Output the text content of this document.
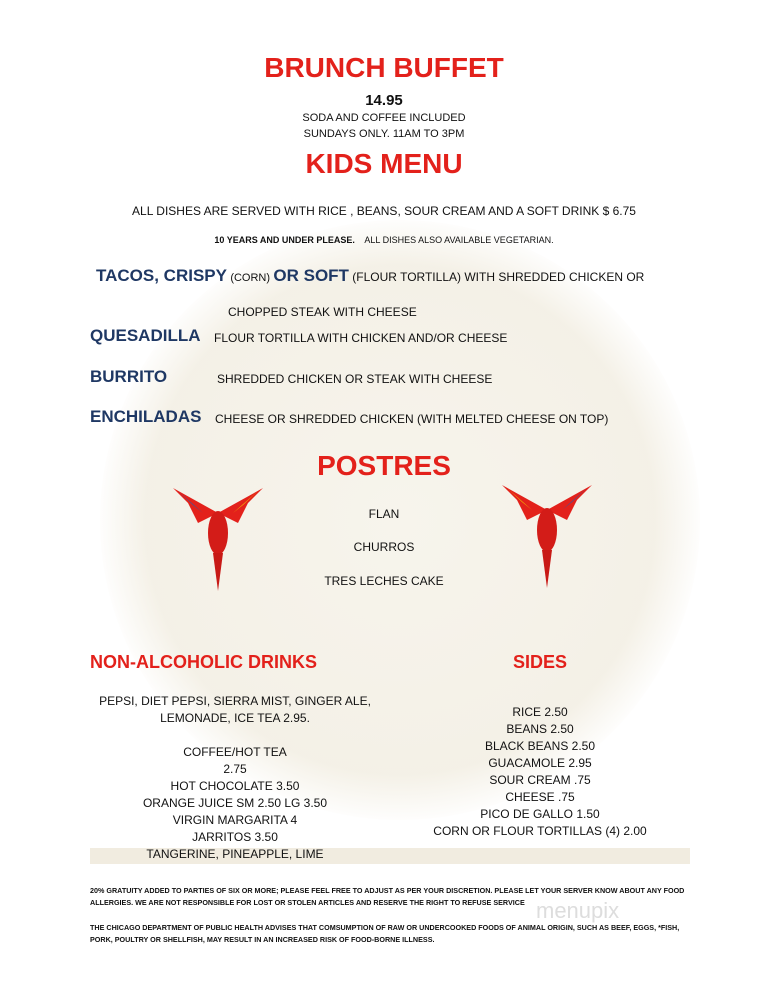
BRUNCH BUFFET
14.95
SODA AND COFFEE INCLUDED
SUNDAYS ONLY. 11AM TO 3PM
KIDS MENU
ALL DISHES ARE SERVED WITH RICE , BEANS, SOUR CREAM AND A SOFT DRINK $ 6.75
10 YEARS AND UNDER PLEASE. ALL DISHES ALSO AVAILABLE VEGETARIAN.
TACOS, CRISPY (CORN) OR SOFT (FLOUR TORTILLA) WITH SHREDDED CHICKEN OR
CHOPPED STEAK WITH CHEESE
QUESADILLA FLOUR TORTILLA WITH CHICKEN AND/OR CHEESE
BURRITO	SHREDDED CHICKEN OR STEAK WITH CHEESE
ENCHILADAS CHEESE OR SHREDDED CHICKEN (WITH MELTED CHEESE ON TOP)
POSTRES
FLAN
CHURROS
TRES LECHES CAKE
NON-ALCOHOLIC DRINKS
PEPSI, DIET PEPSI, SIERRA MIST, GINGER ALE,
LEMONADE, ICE TEA 2.95.
COFFEE/HOT TEA
2.75
HOT CHOCOLATE 3.50
ORANGE JUICE SM 2.50 LG 3.50
VIRGIN MARGARITA 4
JARRITOS 3.50
TANGERINE, PINEAPPLE, LIME
SIDES
RICE 2.50
BEANS 2.50
BLACK BEANS 2.50
GUACAMOLE 2.95
SOUR CREAM .75
CHEESE .75
PICO DE GALLO 1.50
CORN OR FLOUR TORTILLAS (4) 2.00
20% GRATUITY ADDED TO PARTIES OF SIX OR MORE; PLEASE FEEL FREE TO ADJUST AS PER YOUR DISCRETION. PLEASE LET YOUR SERVER KNOW ABOUT ANY FOOD ALLERGIES. WE ARE NOT RESPONSIBLE FOR LOST OR STOLEN ARTICLES AND RESERVE THE RIGHT TO REFUSE SERVICE
THE CHICAGO DEPARTMENT OF PUBLIC HEALTH ADVISES THAT COMSUMPTION OF RAW OR UNDERCOOKED FOODS OF ANIMAL ORIGIN, SUCH AS BEEF, EGGS, *FISH, PORK, POULTRY OR SHELLFISH, MAY RESULT IN AN INCREASED RISK OF FOOD-BORNE ILLNESS.
menupix
